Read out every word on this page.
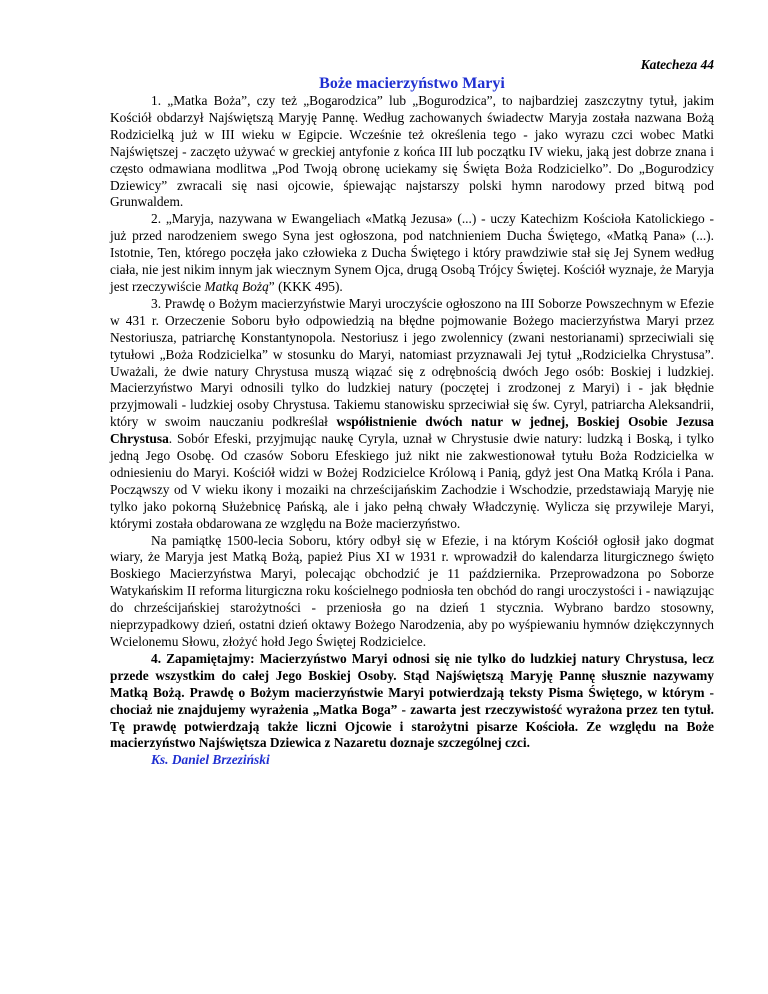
Katecheza 44
Boże macierzyństwo Maryi

1. „Matka Boża”, czy też „Bogarodzica” lub „Bogurodzica”, to najbardziej zaszczytny tytuł, jakim Kościół obdarzył Najświętszą Maryję Pannę. Według zachowanych świadectw Maryja została nazwana Bożą Rodzicielką już w III wieku w Egipcie. Wcześnie też określenia tego - jako wyrazu czci wobec Matki Najświętszej - zaczęto używać w greckiej antyfonie z końca III lub początku IV wieku, jaką jest dobrze znana i często odmawiana modlitwa „Pod Twoją obronę uciekamy się Święta Boża Rodzicielko”. Do „Bogurodzicy Dziewicy” zwracali się nasi ojcowie, śpiewając najstarszy polski hymn narodowy przed bitwą pod Grunwaldem.

2. „Maryja, nazywana w Ewangeliach «Matką Jezusa» (...) - uczy Katechizm Kościoła Katolickiego - już przed narodzeniem swego Syna jest ogłoszona, pod natchnieniem Ducha Świętego, «Matką Pana» (...). Istotnie, Ten, którego poczęła jako człowieka z Ducha Świętego i który prawdziwie stał się Jej Synem według ciała, nie jest nikim innym jak wiecznym Synem Ojca, drugą Osobą Trójcy Świętej. Kościół wyznaje, że Maryja jest rzeczywiście Matką Bożą” (KKK 495).

3. Prawdę o Bożym macierzyństwie Maryi uroczyście ogłoszono na III Soborze Powszechnym w Efezie w 431 r. Orzeczenie Soboru było odpowiedzią na błędne pojmowanie Bożego macierzyństwa Maryi przez Nestoriusza, patriarchę Konstantynopola. Nestoriusz i jego zwolennicy (zwani nestorianami) sprzeciwiali się tytułowi „Boża Rodzicielka” w stosunku do Maryi, natomiast przyznawali Jej tytuł „Rodzicielka Chrystusa”. Uważali, że dwie natury Chrystusa muszą wiązać się z odrębnością dwóch Jego osób: Boskiej i ludzkiej. Macierzyństwo Maryi odnosili tylko do ludzkiej natury (poczętej i zrodzonej z Maryi) i - jak błędnie przyjmowali - ludzkiej osoby Chrystusa. Takiemu stanowisku sprzeciwiał się św. Cyryl, patriarcha Aleksandrii, który w swoim nauczaniu podkreślał współistnienie dwóch natur w jednej, Boskiej Osobie Jezusa Chrystusa. Sobór Efeski, przyjmując naukę Cyryla, uznał w Chrystusie dwie natury: ludzką i Boską, i tylko jedną Jego Osobę. Od czasów Soboru Efeskiego już nikt nie zakwestionował tytułu Boża Rodzicielka w odniesieniu do Maryi. Kościół widzi w Bożej Rodzicielce Królową i Panią, gdyż jest Ona Matką Króla i Pana. Począwszy od V wieku ikony i mozaiki na chrześcijańskim Zachodzie i Wschodzie, przedstawiają Maryję nie tylko jako pokorną Służebnicę Pańską, ale i jako pełną chwały Władczynię. Wylicza się przywileje Maryi, którymi została obdarowana ze względu na Boże macierzyństwo.

Na pamiątkę 1500-lecia Soboru, który odbył się w Efezie, i na którym Kościół ogłosił jako dogmat wiary, że Maryja jest Matką Bożą, papież Pius XI w 1931 r. wprowadził do kalendarza liturgicznego święto Boskiego Macierzyństwa Maryi, polecając obchodzić je 11 października. Przeprowadzona po Soborze Watykańskim II reforma liturgiczna roku kościelnego podniosła ten obchód do rangi uroczystości i - nawiązując do chrześcijańskiej starożytności - przeniosła go na dzień 1 stycznia. Wybrano bardzo stosowny, nieprzypadkowy dzień, ostatni dzień oktawy Bożego Narodzenia, aby po wyśpiewaniu hymnów dziękczynnych Wcielonemu Słowu, złożyć hołd Jego Świętej Rodzicielce.

4. Zapamiętajmy: Macierzyństwo Maryi odnosi się nie tylko do ludzkiej natury Chrystusa, lecz przede wszystkim do całej Jego Boskiej Osoby. Stąd Najświętszą Maryję Pannę słusznie nazywamy Matką Bożą. Prawdę o Bożym macierzyństwie Maryi potwierdzają teksty Pisma Świętego, w którym - chociaż nie znajdujemy wyrażenia „Matka Boga” - zawarta jest rzeczywistość wyrażona przez ten tytuł. Tę prawdę potwierdzają także liczni Ojcowie i starożytni pisarze Kościoła. Ze względu na Boże macierzyństwo Najświętsza Dziewica z Nazaretu doznaje szczególnej czci.

Ks. Daniel Brzeziński
